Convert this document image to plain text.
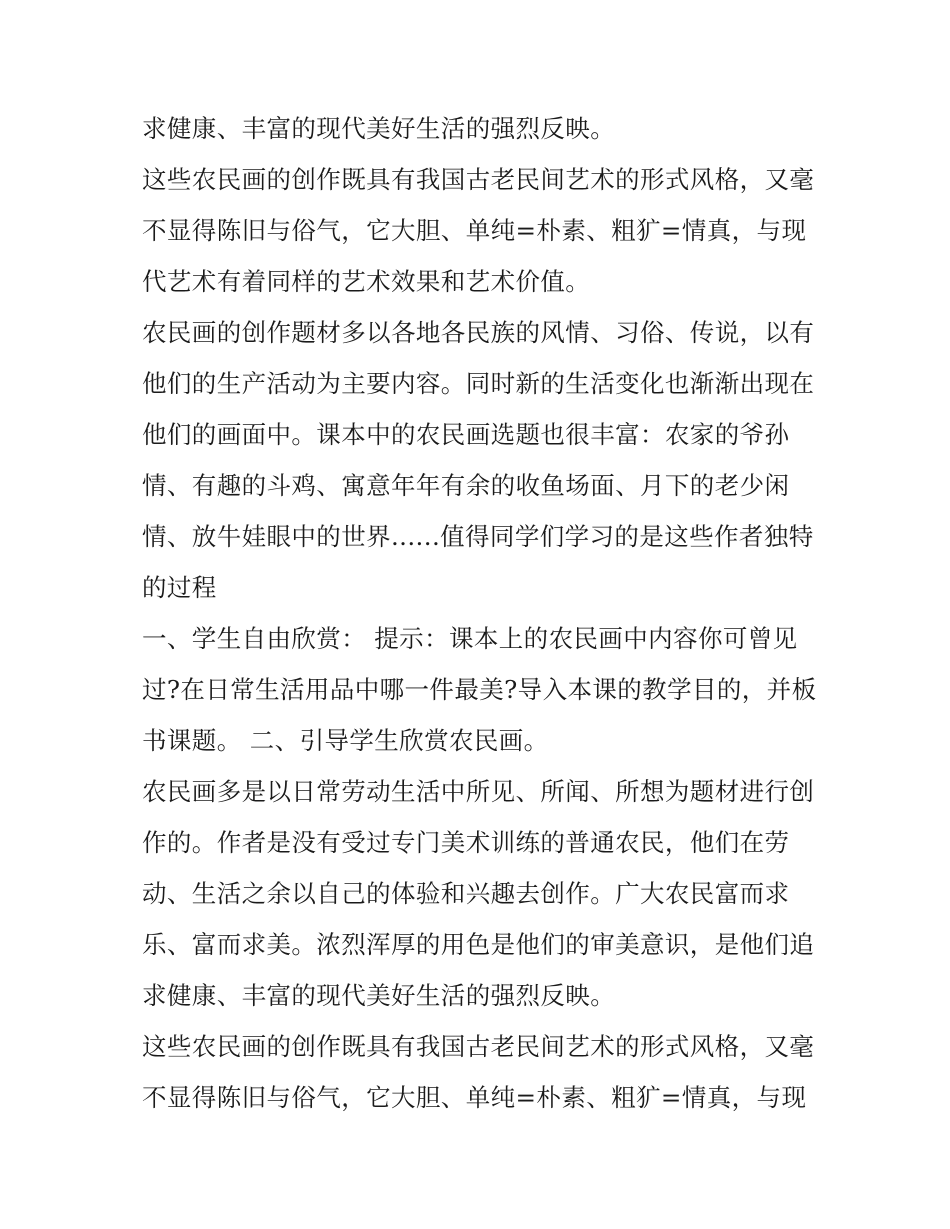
求健康、丰富的现代美好生活的强烈反映。
这些农民画的创作既具有我国古老民间艺术的形式风格，又毫
不显得陈旧与俗气，它大胆、单纯=朴素、粗犷=情真，与现
代艺术有着同样的艺术效果和艺术价值。
农民画的创作题材多以各地各民族的风情、习俗、传说，以有
他们的生产活动为主要内容。同时新的生活变化也渐渐出现在
他们的画面中。课本中的农民画选题也很丰富：农家的爷孙
情、有趣的斗鸡、寓意年年有余的收鱼场面、月下的老少闲
情、放牛娃眼中的世界......值得同学们学习的是这些作者独特
的过程
一、学生自由欣赏： 提示：课本上的农民画中内容你可曾见
过?在日常生活用品中哪一件最美?导入本课的教学目的，并板
书课题。 二、引导学生欣赏农民画。
农民画多是以日常劳动生活中所见、所闻、所想为题材进行创
作的。作者是没有受过专门美术训练的普通农民，他们在劳
动、生活之余以自己的体验和兴趣去创作。广大农民富而求
乐、富而求美。浓烈浑厚的用色是他们的审美意识，是他们追
求健康、丰富的现代美好生活的强烈反映。
这些农民画的创作既具有我国古老民间艺术的形式风格，又毫
不显得陈旧与俗气，它大胆、单纯=朴素、粗犷=情真，与现
